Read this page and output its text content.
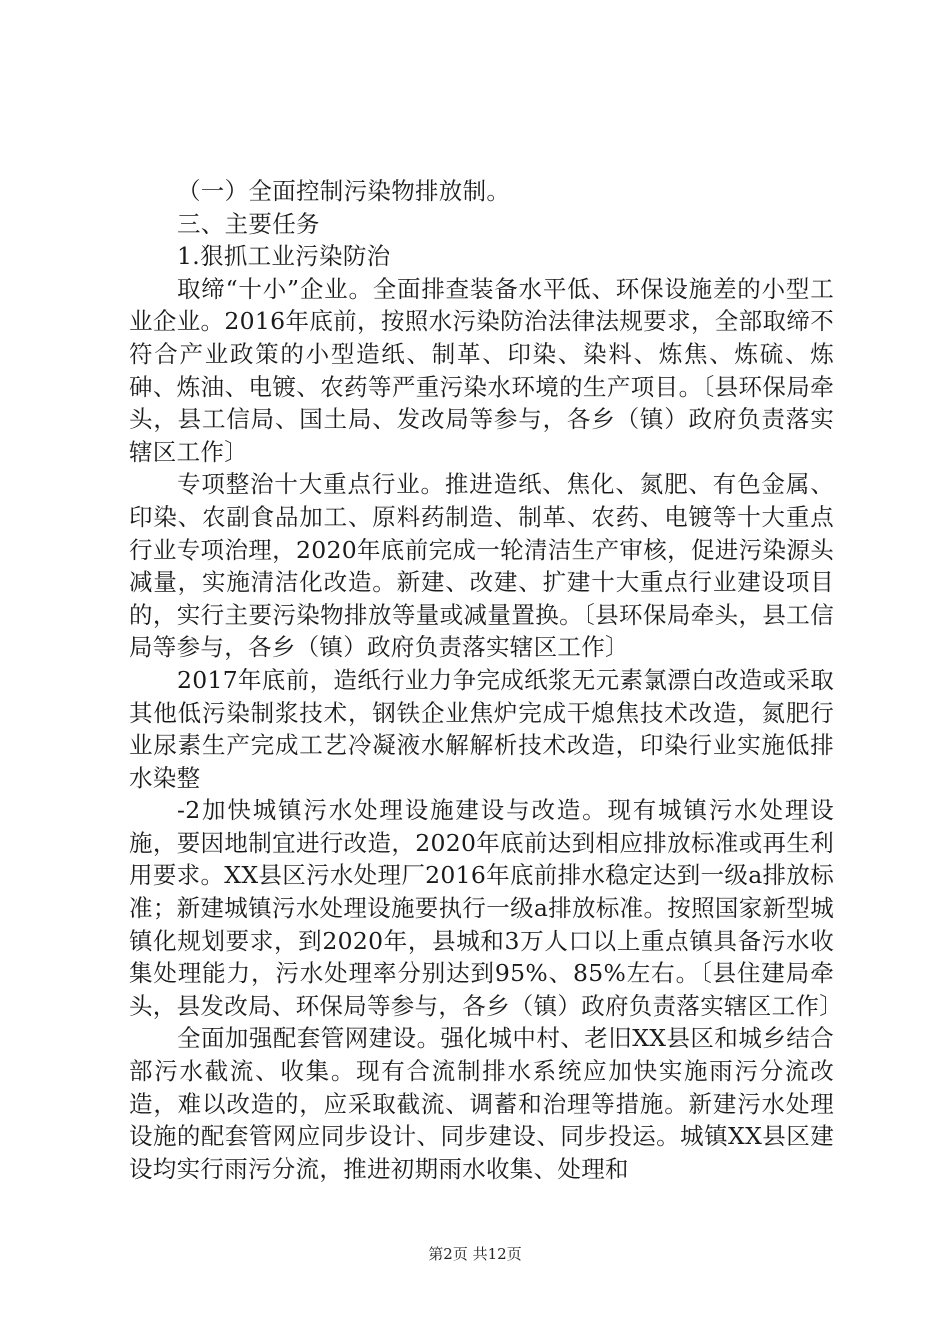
（一）全面控制污染物排放制。

三、主要任务

1.狠抓工业污染防治

取缔“十小”企业。全面排查装备水平低、环保设施差的小型工业企业。2016年底前，按照水污染防治法律法规要求，全部取缔不符合产业政策的小型造纸、制革、印染、染料、炼焦、炼硫、炼砷、炼油、电镀、农药等严重污染水环境的生产项目。〔县环保局牵头，县工信局、国土局、发改局等参与，各乡（镇）政府负责落实辖区工作〕

专项整治十大重点行业。推进造纸、焦化、氮肥、有色金属、印染、农副食品加工、原料药制造、制革、农药、电镀等十大重点行业专项治理，2020年底前完成一轮清洁生产审核，促进污染源头减量，实施清洁化改造。新建、改建、扩建十大重点行业建设项目的，实行主要污染物排放等量或减量置换。〔县环保局牵头，县工信局等参与，各乡（镇）政府负责落实辖区工作〕

2017年底前，造纸行业力争完成纸浆无元素氯漂白改造或采取其他低污染制浆技术，钢铁企业焦炉完成干熄焦技术改造，氮肥行业尿素生产完成工艺冷凝液水解解析技术改造，印染行业实施低排水染整

-2加快城镇污水处理设施建设与改造。现有城镇污水处理设施，要因地制宜进行改造，2020年底前达到相应排放标准或再生利用要求。XX县区污水处理厂2016年底前排水稳定达到一级a排放标准；新建城镇污水处理设施要执行一级a排放标准。按照国家新型城镇化规划要求，到2020年，县城和3万人口以上重点镇具备污水收集处理能力，污水处理率分别达到95%、85%左右。〔县住建局牵头，县发改局、环保局等参与，各乡（镇）政府负责落实辖区工作〕

全面加强配套管网建设。强化城中村、老旧XX县区和城乡结合部污水截流、收集。现有合流制排水系统应加快实施雨污分流改造，难以改造的，应采取截流、调蓄和治理等措施。新建污水处理设施的配套管网应同步设计、同步建设、同步投运。城镇XX县区建设均实行雨污分流，推进初期雨水收集、处理和

第2页 共12页
